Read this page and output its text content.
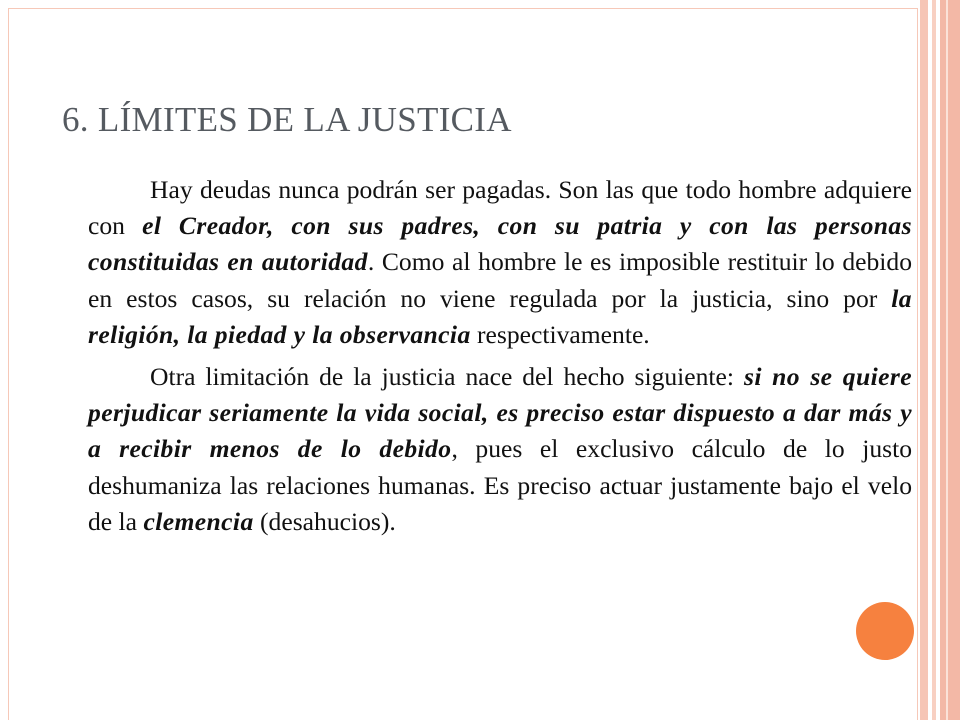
6. LÍMITES DE LA JUSTICIA

Hay deudas nunca podrán ser pagadas. Son las que todo hombre adquiere con el Creador, con sus padres, con su patria y con las personas constituidas en autoridad. Como al hombre le es imposible restituir lo debido en estos casos, su relación no viene regulada por la justicia, sino por la religión, la piedad y la observancia respectivamente.

Otra limitación de la justicia nace del hecho siguiente: si no se quiere perjudicar seriamente la vida social, es preciso estar dispuesto a dar más y a recibir menos de lo debido, pues el exclusivo cálculo de lo justo deshumaniza las relaciones humanas. Es preciso actuar justamente bajo el velo de la clemencia (desahucios).
